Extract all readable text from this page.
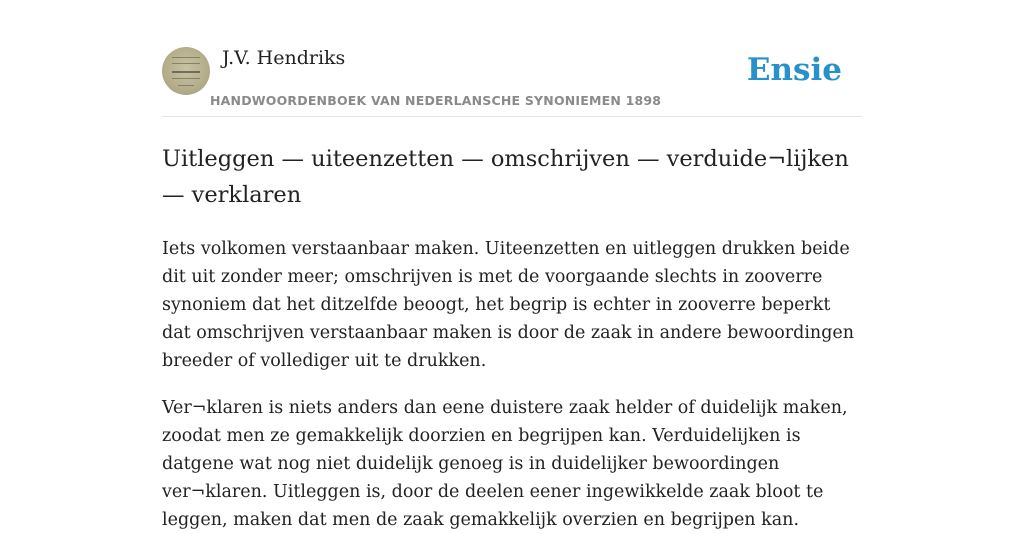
J.V. Hendriks
HANDWOORDENBOEK VAN NEDERLANSCHE SYNONIEMEN 1898
Ensie
Uitleggen — uiteenzetten — omschrijven — verduide¬lijken — verklaren

Iets volkomen verstaanbaar maken. Uiteenzetten en uitleggen drukken beide dit uit zonder meer; omschrijven is met de voorgaande slechts in zooverre synoniem dat het ditzelfde beoogt, het begrip is echter in zooverre beperkt dat omschrijven verstaanbaar maken is door de zaak in andere bewoordingen breeder of vollediger uit te drukken.

Ver¬klaren is niets anders dan eene duistere zaak helder of duidelijk maken, zoodat men ze gemakkelijk doorzien en begrijpen kan. Verduidelijken is datgene wat nog niet duidelijk genoeg is in duidelijker bewoordingen ver¬klaren. Uitleggen is, door de deelen eener ingewikkelde zaak bloot te leggen, maken dat men de zaak gemakkelijk overzien en begrijpen kan.
